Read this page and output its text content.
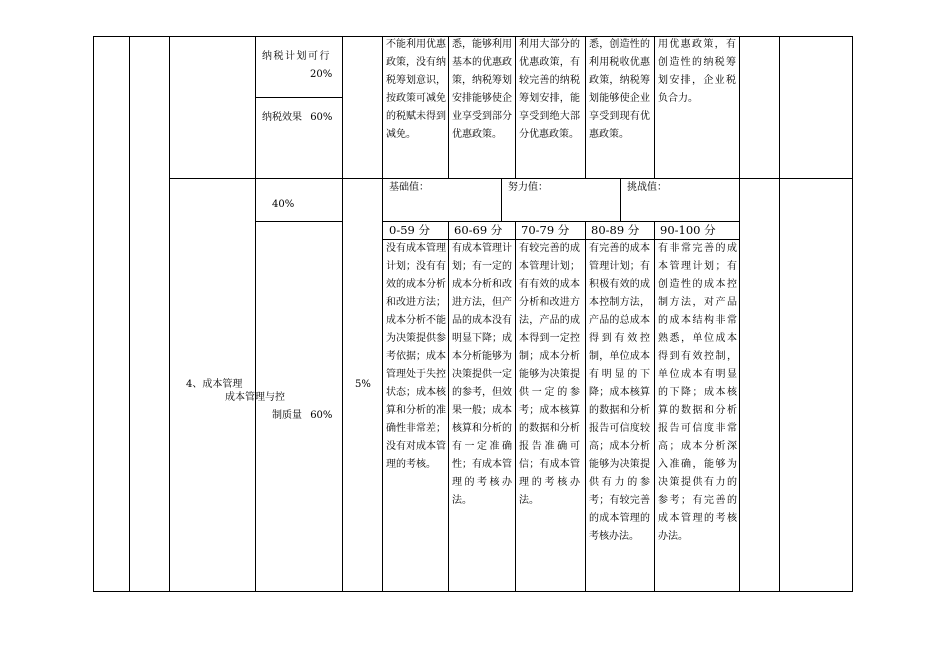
纳税计划可行
20%
纳税效果 60%
不能利用优惠政策，没有纳税筹划意识，按政策可减免的税赋未得到减免。
悉，能够利用基本的优惠政策，纳税筹划安排能够使企业享受到部分优惠政策。
利用大部分的优惠政策，有较完善的纳税筹划安排，能享受到绝大部分优惠政策。
悉，创造性的利用税收优惠政策，纳税筹划能够使企业享受到现有优惠政策。
用优惠政策，有创造性的纳税筹划安排，企业税负合力。
4、成本管理
成本管理与控
40%
制质量 60%
5%
基础值：	努力值：	挑战值：
0-59 分 60-69 分 70-79 分 80-89 分 90-100 分
没有成本管理计划；没有有效的成本分析和改进方法；成本分析不能为决策提供参考依据；成本管理处于失控状态；成本核算和分析的准确性非常差；没有对成本管理的考核。
有成本管理计划；有一定的成本分析和改进方法，但产品的成本没有明显下降；成本分析能够为决策提供一定的参考，但效果一般；成本核算和分析的有一定准确性；有成本管理的考核办法。
有较完善的成本管理计划；有有效的成本分析和改进方法，产品的成本得到一定控制；成本分析能够为决策提供一定的参考；成本核算的数据和分析报告准确可信；有成本管理的考核办法。
有完善的成本管理计划；有积极有效的成本控制方法，产品的总成本得到有效控制，单位成本有明显的下降；成本核算的数据和分析报告可信度较高；成本分析能够为决策提供有力的参考；有较完善的成本管理的考核办法。
有非常完善的成本管理计划；有创造性的成本控制方法，对产品的成本结构非常熟悉，单位成本得到有效控制，单位成本有明显的下降；成本核算的数据和分析报告可信度非常高；成本分析深入准确，能够为决策提供有力的参考；有完善的成本管理的考核办法。
